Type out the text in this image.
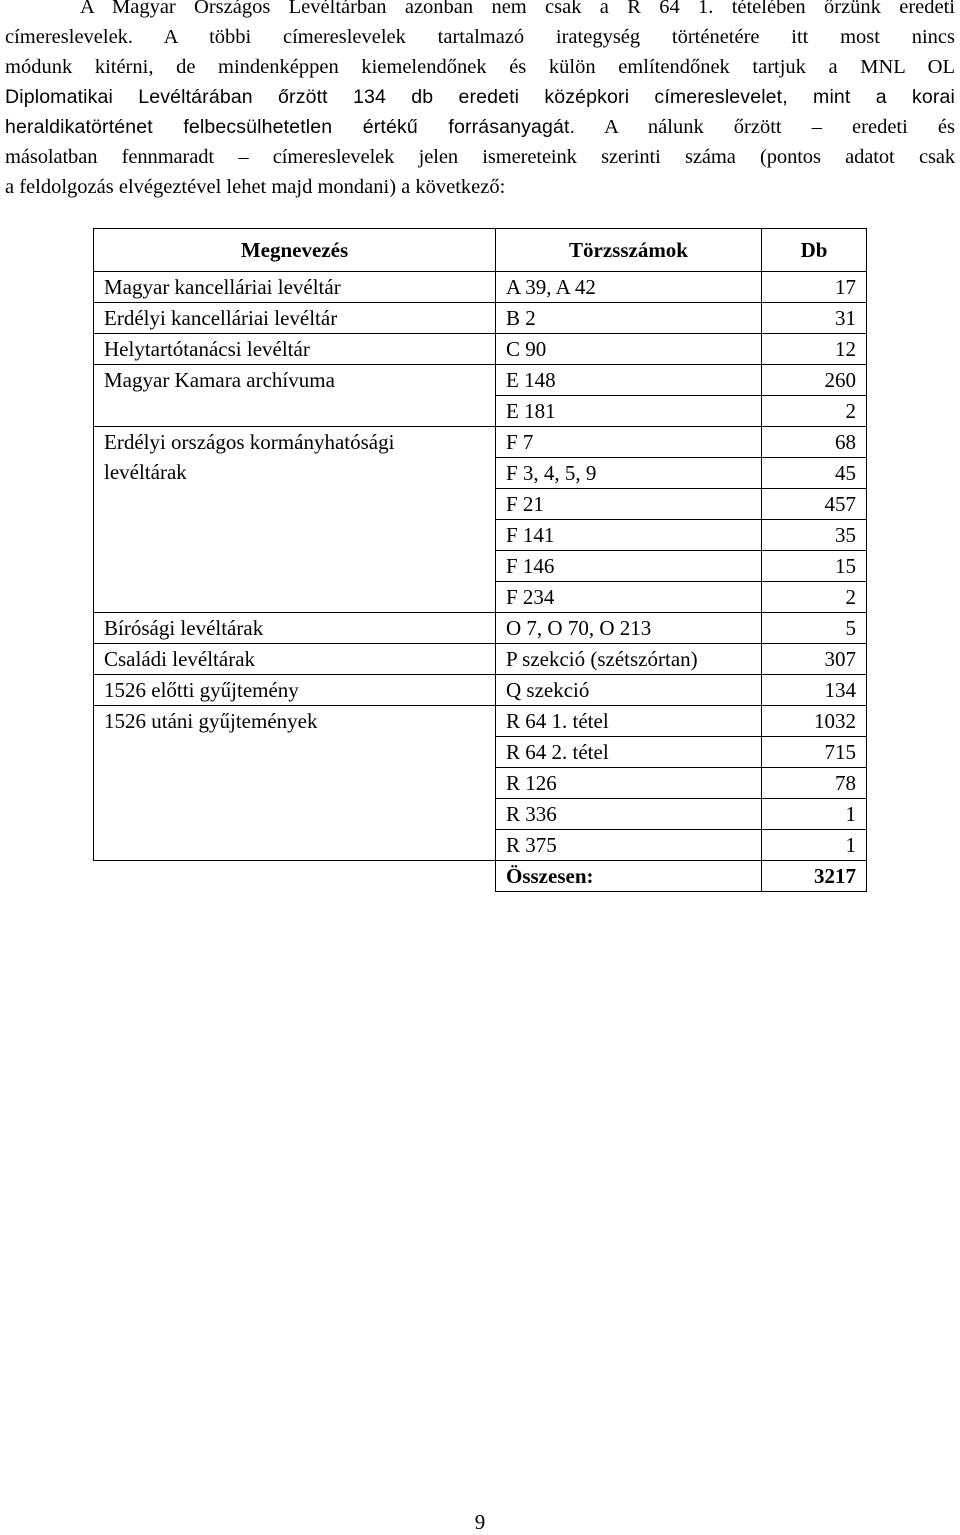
A Magyar Országos Levéltárban azonban nem csak a R 64 1. tételében őrzünk eredeti
címereslevelek. A többi címereslevelek tartalmazó irategység történetére itt most nincs
módunk kitérni, de mindenképpen kiemelendőnek és külön említendőnek tartjuk a MNL OL
Diplomatikai Levéltárában őrzött 134 db eredeti középkori címereslevelet, mint a korai
heraldikatörténet felbecsülhetetlen értékű forrásanyagát. A nálunk őrzött – eredeti és
másolatban fennmaradt – címereslevelek jelen ismereteink szerinti száma (pontos adatot csak
a feldolgozás elvégeztével lehet majd mondani) a következő:
Megnevezés	Törzsszámok	Db
Magyar kancelláriai levéltár	A 39, A 42	17
Erdélyi kancelláriai levéltár	B 2	31
Helytartótanácsi levéltár	C 90	12
Magyar Kamara archívuma	E 148	260
	E 181	2

Erdélyi országos kormányhatósági
levéltárak	F 7	68
	F 3, 4, 5, 9	45
	F 21	457
	F 141	35
	F 146	15
	F 234	2
Bírósági levéltárak	O 7, O 70, O 213	5
Családi levéltárak	P szekció (szétszórtan)	307
1526 előtti gyűjtemény	Q szekció	134
1526 utáni gyűjtemények	R 64 1. tétel	1032
	R 64 2. tétel	715
	R 126	78
	R 336	1
	R 375	1
	Összesen:	3217
9
